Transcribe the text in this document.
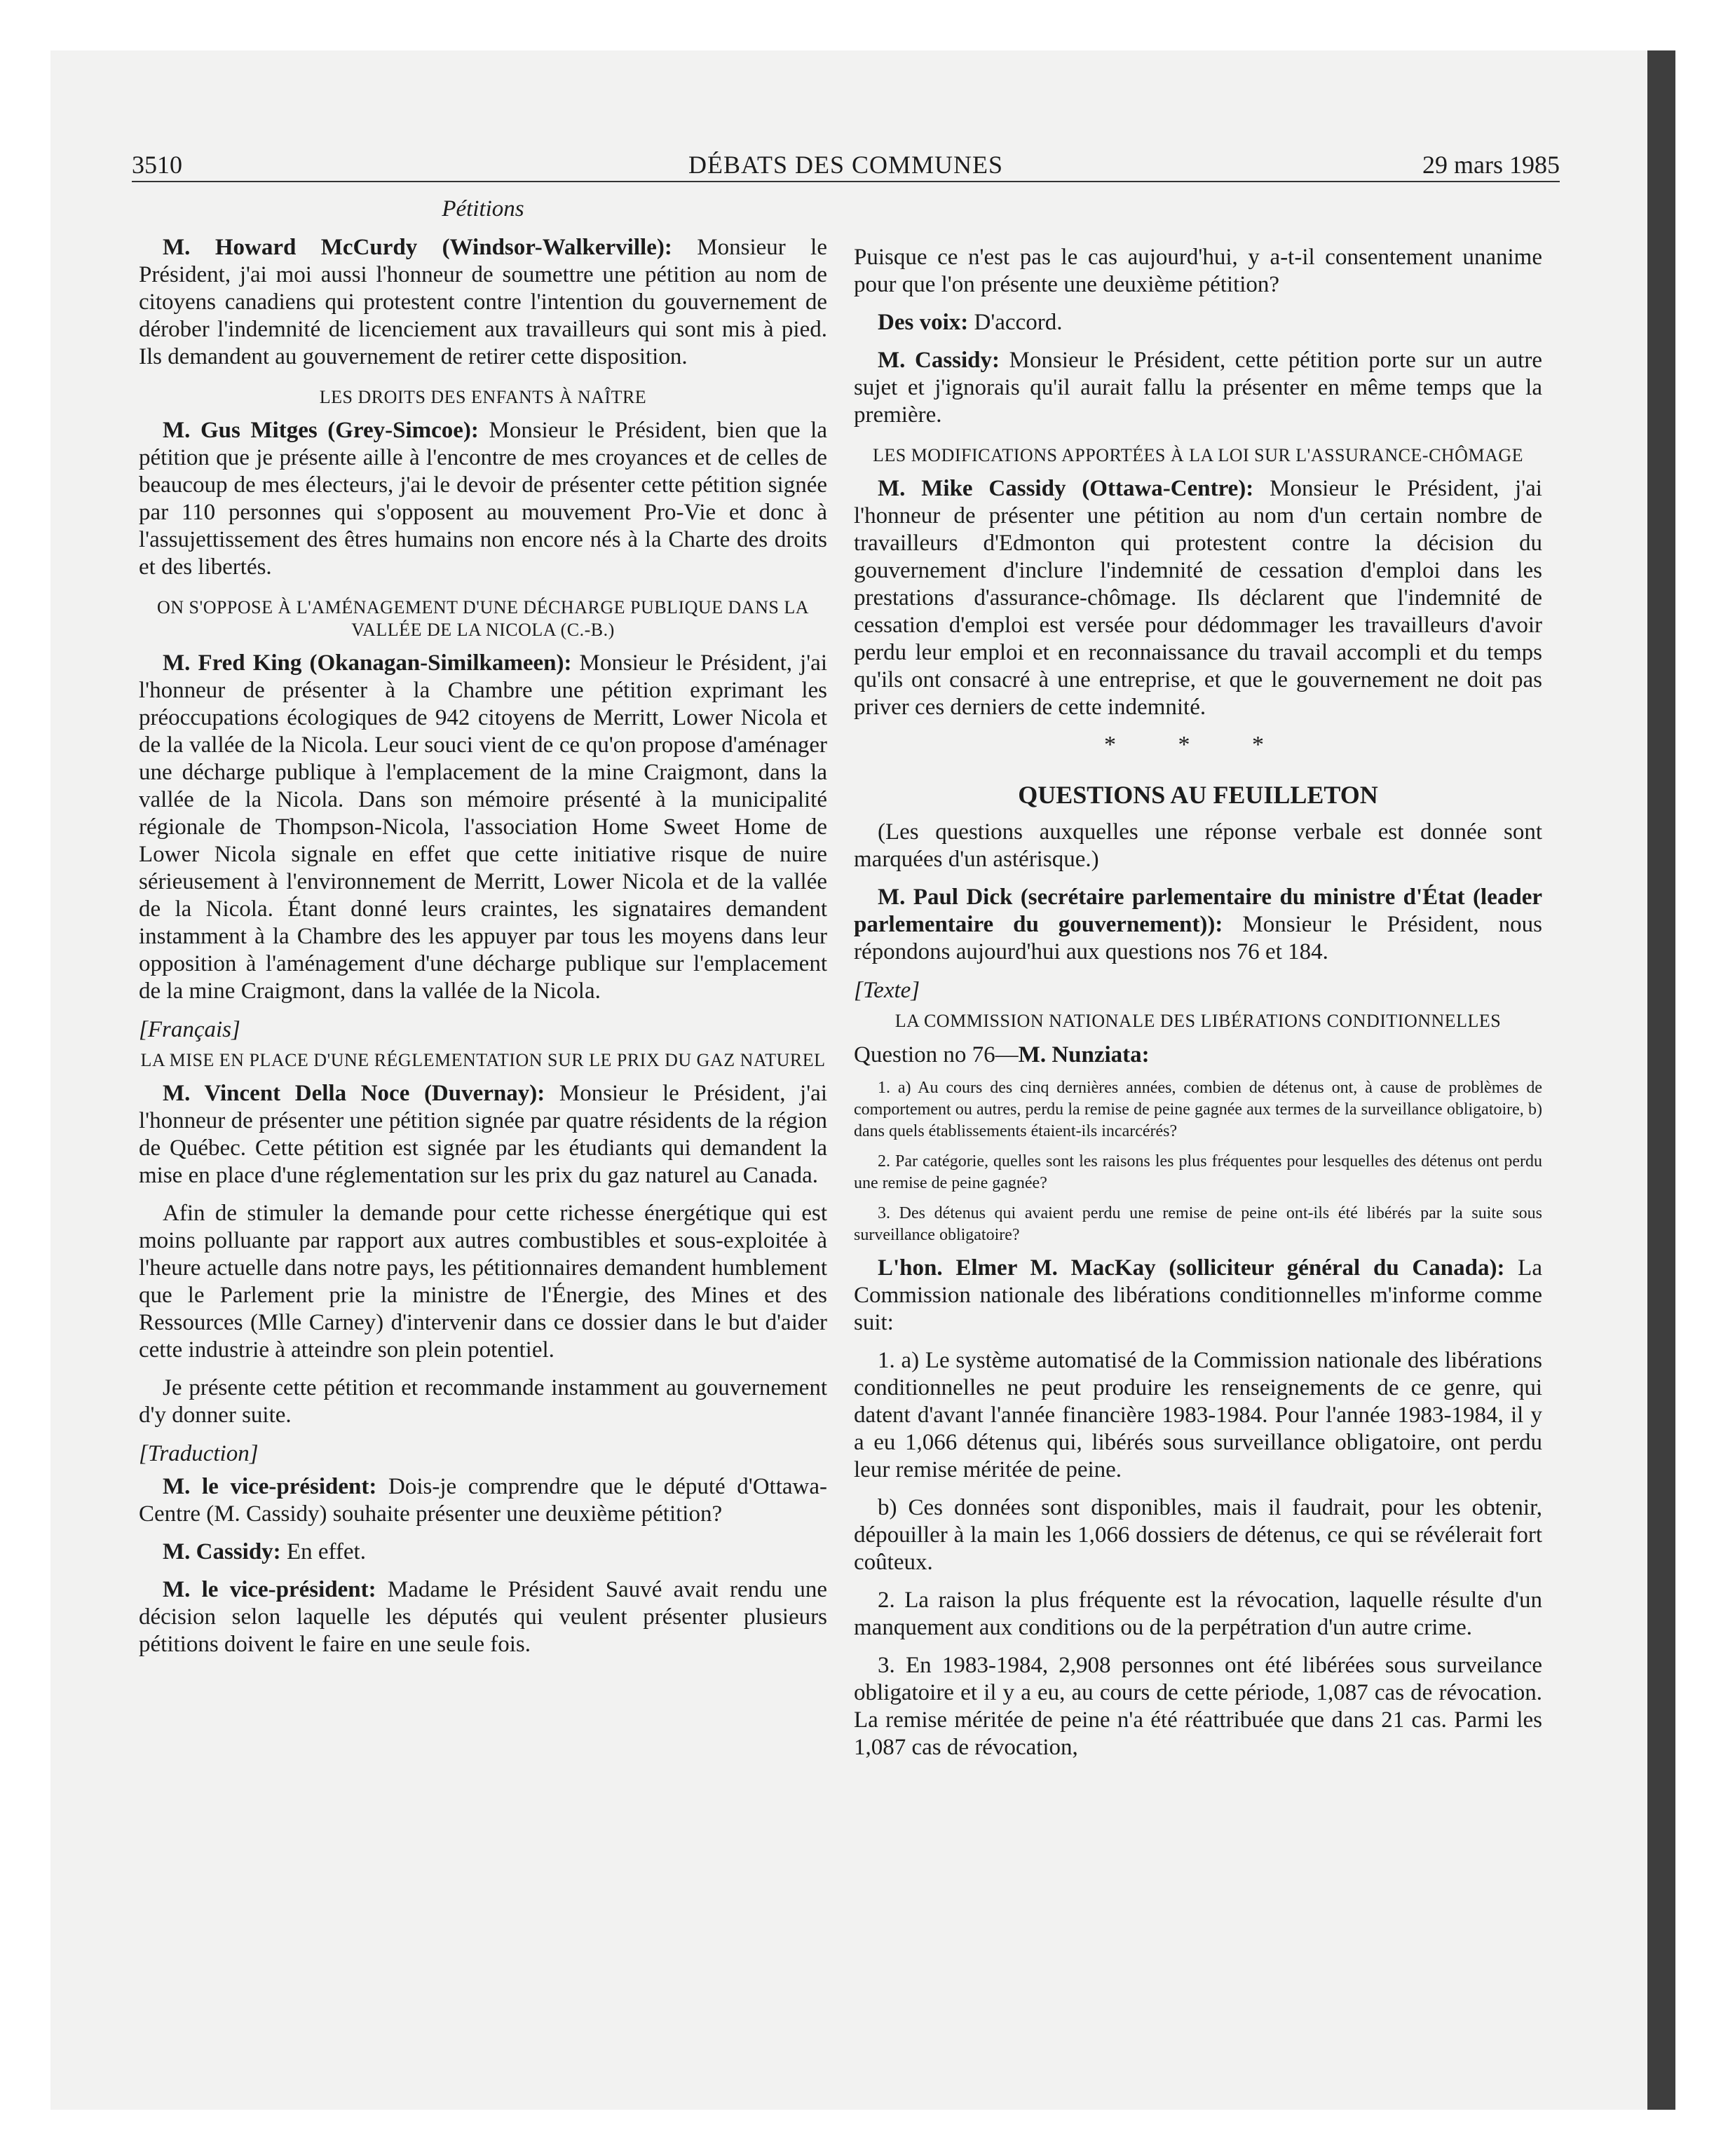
3510	DÉBATS DES COMMUNES	29 mars 1985
Pétitions

M. Howard McCurdy (Windsor-Walkerville): Monsieur le Président, j'ai moi aussi l'honneur de soumettre une pétition au nom de citoyens canadiens qui protestent contre l'intention du gouvernement de dérober l'indemnité de licenciement aux travailleurs qui sont mis à pied. Ils demandent au gouvernement de retirer cette disposition.

LES DROITS DES ENFANTS À NAÎTRE

M. Gus Mitges (Grey-Simcoe): Monsieur le Président, bien que la pétition que je présente aille à l'encontre de mes croyances et de celles de beaucoup de mes électeurs, j'ai le devoir de présenter cette pétition signée par 110 personnes qui s'opposent au mouvement Pro-Vie et donc à l'assujettissement des êtres humains non encore nés à la Charte des droits et des libertés.

ON S'OPPOSE À L'AMÉNAGEMENT D'UNE DÉCHARGE PUBLIQUE DANS LA VALLÉE DE LA NICOLA (C.-B.)

M. Fred King (Okanagan-Similkameen): Monsieur le Président, j'ai l'honneur de présenter à la Chambre une pétition exprimant les préoccupations écologiques de 942 citoyens de Merritt, Lower Nicola et de la vallée de la Nicola. Leur souci vient de ce qu'on propose d'aménager une décharge publique à l'emplacement de la mine Craigmont, dans la vallée de la Nicola. Dans son mémoire présenté à la municipalité régionale de Thompson-Nicola, l'association Home Sweet Home de Lower Nicola signale en effet que cette initiative risque de nuire sérieusement à l'environnement de Merritt, Lower Nicola et de la vallée de la Nicola. Étant donné leurs craintes, les signataires demandent instamment à la Chambre des les appuyer par tous les moyens dans leur opposition à l'aménagement d'une décharge publique sur l'emplacement de la mine Craigmont, dans la vallée de la Nicola.

[Français]
LA MISE EN PLACE D'UNE RÉGLEMENTATION SUR LE PRIX DU GAZ NATUREL

M. Vincent Della Noce (Duvernay): Monsieur le Président, j'ai l'honneur de présenter une pétition signée par quatre résidents de la région de Québec. Cette pétition est signée par les étudiants qui demandent la mise en place d'une réglementation sur les prix du gaz naturel au Canada.

Afin de stimuler la demande pour cette richesse énergétique qui est moins polluante par rapport aux autres combustibles et sous-exploitée à l'heure actuelle dans notre pays, les pétitionnaires demandent humblement que le Parlement prie la ministre de l'Énergie, des Mines et des Ressources (Mlle Carney) d'intervenir dans ce dossier dans le but d'aider cette industrie à atteindre son plein potentiel.

Je présente cette pétition et recommande instamment au gouvernement d'y donner suite.

[Traduction]

M. le vice-président: Dois-je comprendre que le député d'Ottawa-Centre (M. Cassidy) souhaite présenter une deuxième pétition?

M. Cassidy: En effet.

M. le vice-président: Madame le Président Sauvé avait rendu une décision selon laquelle les députés qui veulent présenter plusieurs pétitions doivent le faire en une seule fois.

Puisque ce n'est pas le cas aujourd'hui, y a-t-il consentement unanime pour que l'on présente une deuxième pétition?

Des voix: D'accord.

M. Cassidy: Monsieur le Président, cette pétition porte sur un autre sujet et j'ignorais qu'il aurait fallu la présenter en même temps que la première.

LES MODIFICATIONS APPORTÉES À LA LOI SUR L'ASSURANCE-CHÔMAGE

M. Mike Cassidy (Ottawa-Centre): Monsieur le Président, j'ai l'honneur de présenter une pétition au nom d'un certain nombre de travailleurs d'Edmonton qui protestent contre la décision du gouvernement d'inclure l'indemnité de cessation d'emploi dans les prestations d'assurance-chômage. Ils déclarent que l'indemnité de cessation d'emploi est versée pour dédommager les travailleurs d'avoir perdu leur emploi et en reconnaissance du travail accompli et du temps qu'ils ont consacré à une entreprise, et que le gouvernement ne doit pas priver ces derniers de cette indemnité.

* * *
QUESTIONS AU FEUILLETON

(Les questions auxquelles une réponse verbale est donnée sont marquées d'un astérisque.)

M. Paul Dick (secrétaire parlementaire du ministre d'État (leader parlementaire du gouvernement)): Monsieur le Président, nous répondons aujourd'hui aux questions nos 76 et 184.

[Texte]
LA COMMISSION NATIONALE DES LIBÉRATIONS CONDITIONNELLES
Question no 76—M. Nunziata:

1. a) Au cours des cinq dernières années, combien de détenus ont, à cause de problèmes de comportement ou autres, perdu la remise de peine gagnée aux termes de la surveillance obligatoire, b) dans quels établissements étaient-ils incarcérés?

2. Par catégorie, quelles sont les raisons les plus fréquentes pour lesquelles des détenus ont perdu une remise de peine gagnée?

3. Des détenus qui avaient perdu une remise de peine ont-ils été libérés par la suite sous surveillance obligatoire?

L'hon. Elmer M. MacKay (solliciteur général du Canada): La Commission nationale des libérations conditionnelles m'informe comme suit:

1. a) Le système automatisé de la Commission nationale des libérations conditionnelles ne peut produire les renseignements de ce genre, qui datent d'avant l'année financière 1983-1984. Pour l'année 1983-1984, il y a eu 1,066 détenus qui, libérés sous surveillance obligatoire, ont perdu leur remise méritée de peine.

b) Ces données sont disponibles, mais il faudrait, pour les obtenir, dépouiller à la main les 1,066 dossiers de détenus, ce qui se révélerait fort coûteux.

2. La raison la plus fréquente est la révocation, laquelle résulte d'un manquement aux conditions ou de la perpétration d'un autre crime.

3. En 1983-1984, 2,908 personnes ont été libérées sous surveilance obligatoire et il y a eu, au cours de cette période, 1,087 cas de révocation. La remise méritée de peine n'a été réattribuée que dans 21 cas. Parmi les 1,087 cas de révocation,
